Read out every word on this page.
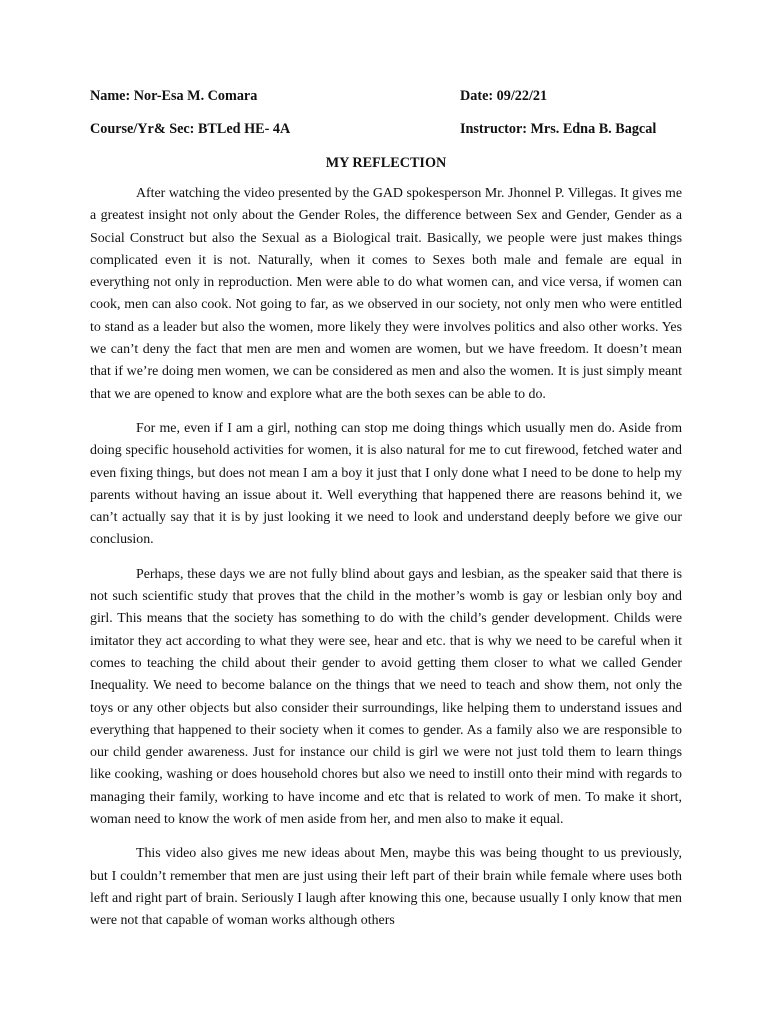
Name: Nor-Esa M. Comara	Date: 09/22/21
Course/Yr& Sec: BTLed HE- 4A	Instructor: Mrs. Edna B. Bagcal
MY REFLECTION

After watching the video presented by the GAD spokesperson Mr. Jhonnel P. Villegas. It gives me a greatest insight not only about the Gender Roles, the difference between Sex and Gender, Gender as a Social Construct but also the Sexual as a Biological trait. Basically, we people were just makes things complicated even it is not. Naturally, when it comes to Sexes both male and female are equal in everything not only in reproduction. Men were able to do what women can, and vice versa, if women can cook, men can also cook. Not going to far, as we observed in our society, not only men who were entitled to stand as a leader but also the women, more likely they were involves politics and also other works. Yes we can’t deny the fact that men are men and women are women, but we have freedom. It doesn’t mean that if we’re doing men women, we can be considered as men and also the women. It is just simply meant that we are opened to know and explore what are the both sexes can be able to do.

For me, even if I am a girl, nothing can stop me doing things which usually men do. Aside from doing specific household activities for women, it is also natural for me to cut firewood, fetched water and even fixing things, but does not mean I am a boy it just that I only done what I need to be done to help my parents without having an issue about it. Well everything that happened there are reasons behind it, we can’t actually say that it is by just looking it we need to look and understand deeply before we give our conclusion.

Perhaps, these days we are not fully blind about gays and lesbian, as the speaker said that there is not such scientific study that proves that the child in the mother’s womb is gay or lesbian only boy and girl. This means that the society has something to do with the child’s gender development. Childs were imitator they act according to what they were see, hear and etc. that is why we need to be careful when it comes to teaching the child about their gender to avoid getting them closer to what we called Gender Inequality. We need to become balance on the things that we need to teach and show them, not only the toys or any other objects but also consider their surroundings, like helping them to understand issues and everything that happened to their society when it comes to gender. As a family also we are responsible to our child gender awareness. Just for instance our child is girl we were not just told them to learn things like cooking, washing or does household chores but also we need to instill onto their mind with regards to managing their family, working to have income and etc that is related to work of men. To make it short, woman need to know the work of men aside from her, and men also to make it equal.

This video also gives me new ideas about Men, maybe this was being thought to us previously, but I couldn’t remember that men are just using their left part of their brain while female where uses both left and right part of brain. Seriously I laugh after knowing this one, because usually I only know that men were not that capable of woman works although others
